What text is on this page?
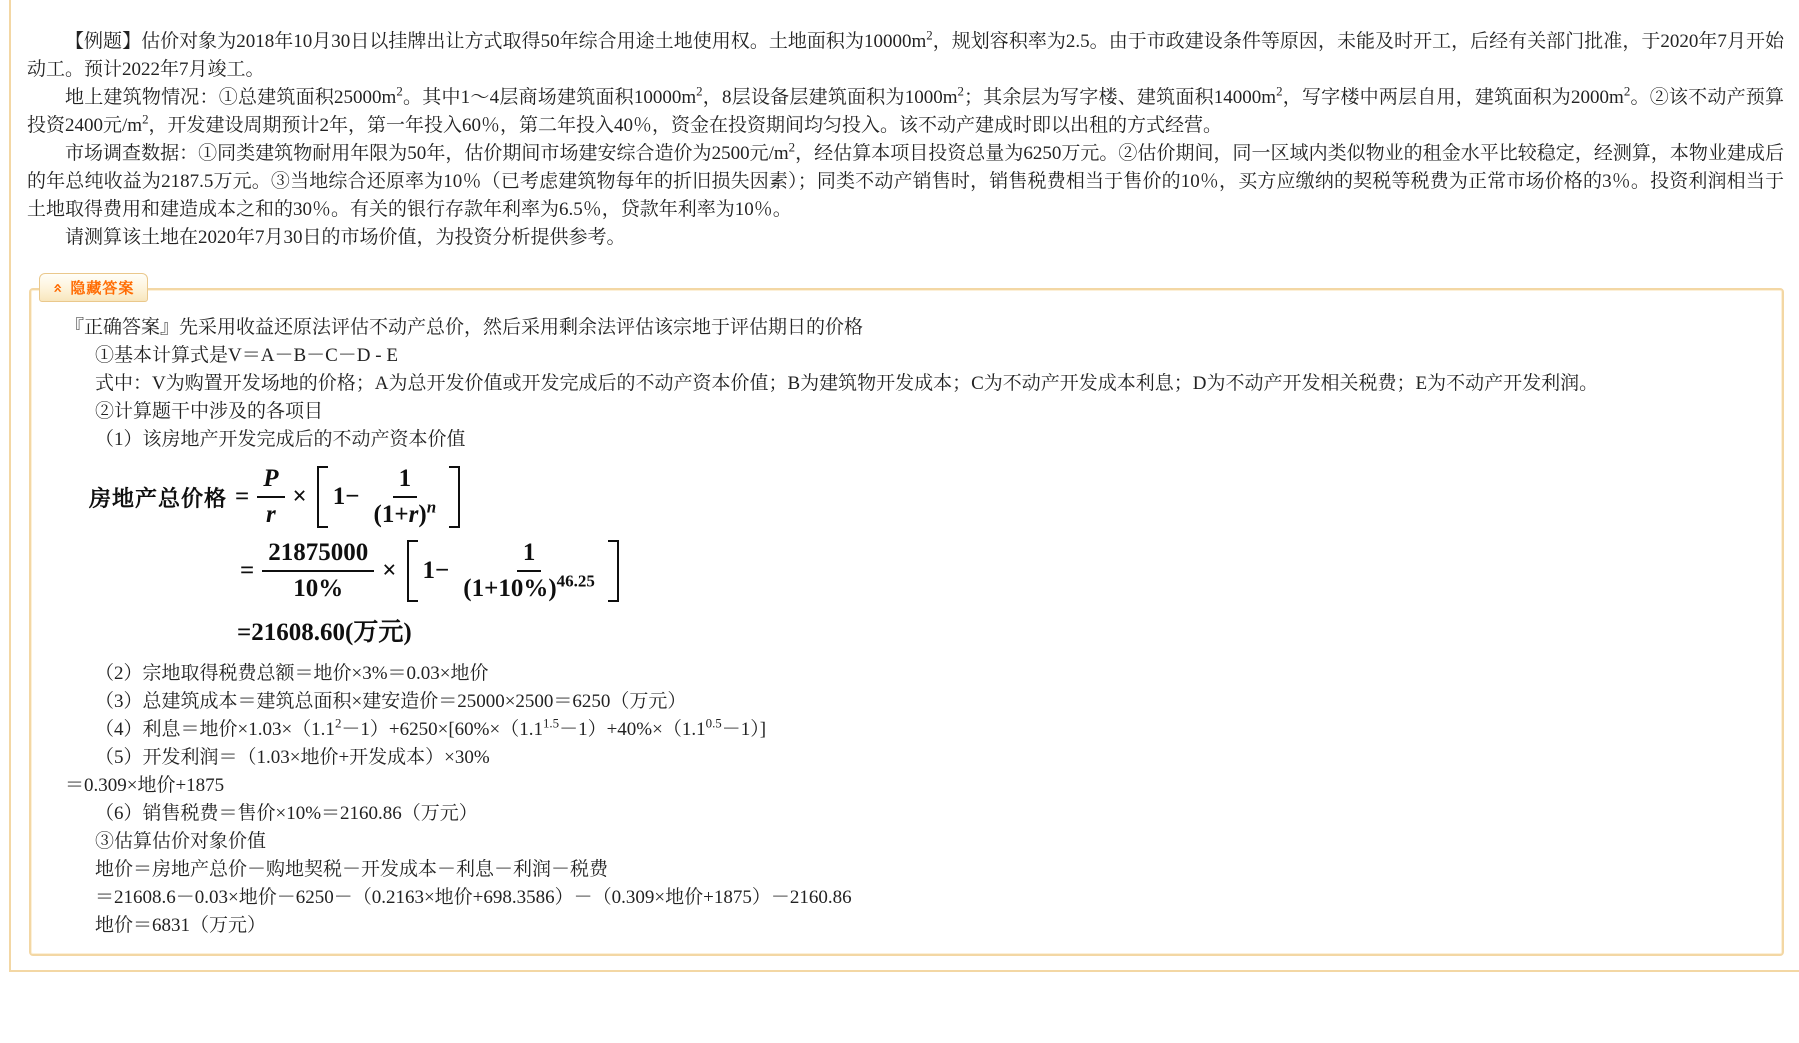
【例题】估价对象为2018年10月30日以挂牌出让方式取得50年综合用途土地使用权。土地面积为$10000m^2$，规划容积率为2.5。由于市政建设条件等原因，未能及时开工，后经有关部门批准，于2020年7月开始动工。预计2022年7月竣工。

地上建筑物情况：①总建筑面积$25000m^2$。其中1～4层商场建筑面积$10000m^2$，8层设备层建筑面积为$1000m^2$；其余层为写字楼、建筑面积$14000m^2$，写字楼中两层自用，建筑面积为$2000m^2$。②该不动产预算投资2400元$/m^2$，开发建设周期预计2年，第一年投入60％，第二年投入40％，资金在投资期间均匀投入。该不动产建成时即以出租的方式经营。

市场调查数据：①同类建筑物耐用年限为50年，估价期间市场建安综合造价为2500元$/m^2$，经估算本项目投资总量为6250万元。②估价期间，同一区域内类似物业的租金水平比较稳定，经测算，本物业建成后的年总纯收益为2187.5万元。③当地综合还原率为10％（已考虑建筑物每年的折旧损失因素）；同类不动产销售时，销售税费相当于售价的10％，买方应缴纳的契税等税费为正常市场价格的3％。投资利润相当于土地取得费用和建造成本之和的30％。有关的银行存款年利率为6.5％，贷款年利率为10％。

请测算该土地在2020年7月30日的市场价值，为投资分析提供参考。

« 隐藏答案
『正确答案』先采用收益还原法评估不动产总价，然后采用剩余法评估该宗地于评估期日的价格
①基本计算式是V＝A－B－C－D - E
式中：V为购置开发场地的价格；A为总开发价值或开发完成后的不动产资本价值；B为建筑物开发成本；C为不动产开发成本利息；D为不动产开发相关税费；E为不动产开发利润。
②计算题干中涉及的各项目
（1）该房地产开发完成后的不动产资本价值
房地产总价格 = $\frac{P}{r} \times 1- \frac{1}{(1+r)^n}$
= $\frac{21875000}{10\%} \times 1- \frac{1}{(1+10\%)^{46.25}}$
=21608.60(万元)
（2）宗地取得税费总额＝地价×3%＝0.03×地价
（3）总建筑成本＝建筑总面积×建安造价＝25000×2500＝6250（万元）
（4）利息＝地价$\times 1.03\times(1.1^2-1)+6250\times[60\%\times(1.1^{1.5}-1)+40\%\times(1.1^{0.5}-1)]$
（5）开发利润＝（1.03×地价+开发成本）×30%
＝0.309×地价+1875
（6）销售税费＝售价×10%＝2160.86（万元）
③估算估价对象价值
地价＝房地产总价－购地契税－开发成本－利息－利润－税费
＝21608.6－0.03×地价－6250－（0.2163×地价+698.3586）－（0.309×地价+1875）－2160.86
地价＝6831（万元）
